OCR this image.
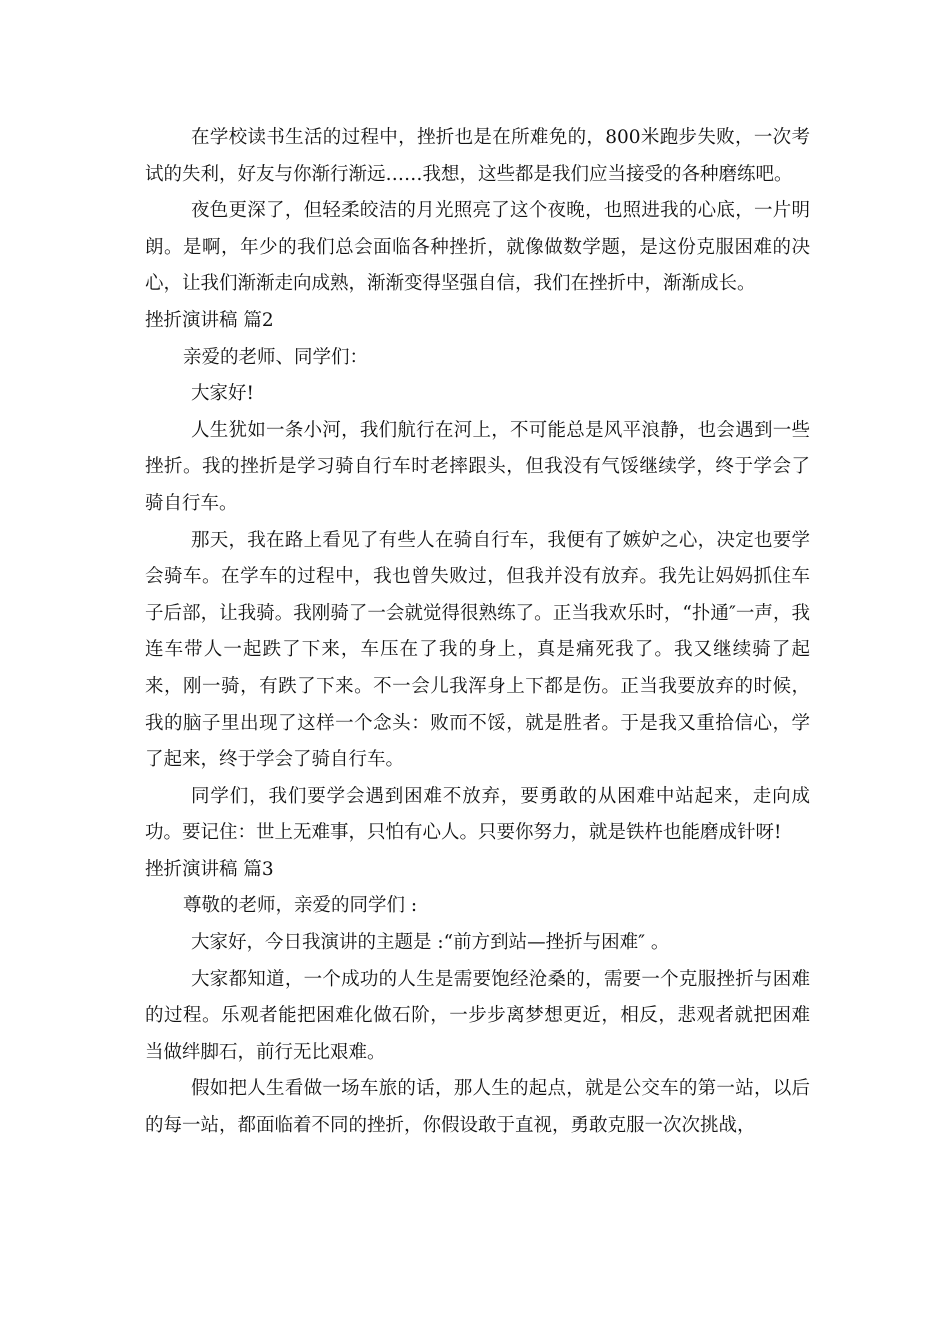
在学校读书生活的过程中，挫折也是在所难免的，800米跑步失败，一次考试的失利，好友与你渐行渐远……我想，这些都是我们应当接受的各种磨练吧。

夜色更深了，但轻柔皎洁的月光照亮了这个夜晚，也照进我的心底，一片明朗。是啊，年少的我们总会面临各种挫折，就像做数学题，是这份克服困难的决心，让我们渐渐走向成熟，渐渐变得坚强自信，我们在挫折中，渐渐成长。

挫折演讲稿 篇2

亲爱的老师、同学们：

大家好!

人生犹如一条小河，我们航行在河上，不可能总是风平浪静，也会遇到一些挫折。我的挫折是学习骑自行车时老摔跟头，但我没有气馁继续学，终于学会了骑自行车。

那天，我在路上看见了有些人在骑自行车，我便有了嫉妒之心，决定也要学会骑车。在学车的过程中，我也曾失败过，但我并没有放弃。我先让妈妈抓住车子后部，让我骑。我刚骑了一会就觉得很熟练了。正当我欢乐时，“扑通″一声，我连车带人一起跌了下来，车压在了我的身上，真是痛死我了。我又继续骑了起来，刚一骑，有跌了下来。不一会儿我浑身上下都是伤。正当我要放弃的时候，我的脑子里出现了这样一个念头：败而不馁，就是胜者。于是我又重拾信心，学了起来，终于学会了骑自行车。

同学们，我们要学会遇到困难不放弃，要勇敢的从困难中站起来，走向成功。要记住：世上无难事，只怕有心人。只要你努力，就是铁杵也能磨成针呀!

挫折演讲稿 篇3

尊敬的老师，亲爱的同学们 :

大家好，今日我演讲的主题是 :“前方到站—挫折与困难″ 。

大家都知道，一个成功的人生是需要饱经沧桑的，需要一个克服挫折与困难的过程。乐观者能把困难化做石阶，一步步离梦想更近，相反，悲观者就把困难当做绊脚石，前行无比艰难。

假如把人生看做一场车旅的话，那人生的起点，就是公交车的第一站，以后的每一站，都面临着不同的挫折，你假设敢于直视，勇敢克服一次次挑战，
